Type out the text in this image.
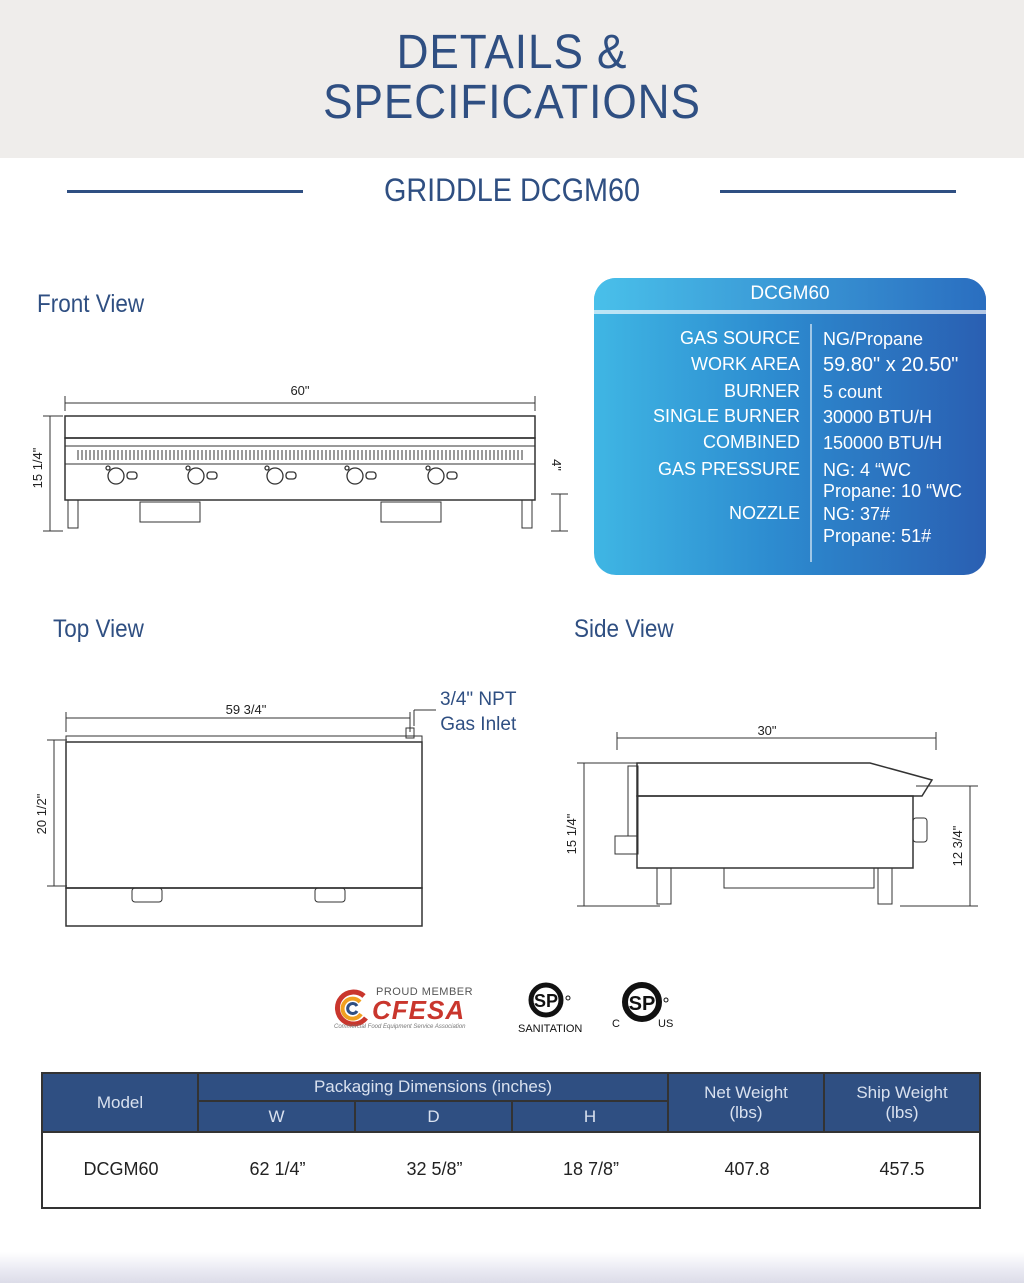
DETAILS &
SPECIFICATIONS
GRIDDLE DCGM60
Front View
Top View	Side View
DCGM60
GAS SOURCE NG/Propane
WORK AREA 59.80" x 20.50"
BURNER 5 count
SINGLE BURNER 30000 BTU/H
COMBINED 150000 BTU/H
GAS PRESSURE NG: 4 “WC
Propane: 10 “WC
NOZZLE NG: 37#
Propane: 51#
60"
15 1/4"	4"
59 3/4"
20 1/2"
3/4" NPT
Gas Inlet	30"
15 1/4"	12 3/4"
PROUD MEMBER
CFESA
Commercial Food Equipment Service Association
SP
SANITATION
SP
C	US
Model
Packaging Dimensions (inches)
W	D	H
Net Weight
(lbs)
Ship Weight
(lbs)
DCGM60	62 1/4”	32 5/8”	18 7/8”	407.8	457.5
